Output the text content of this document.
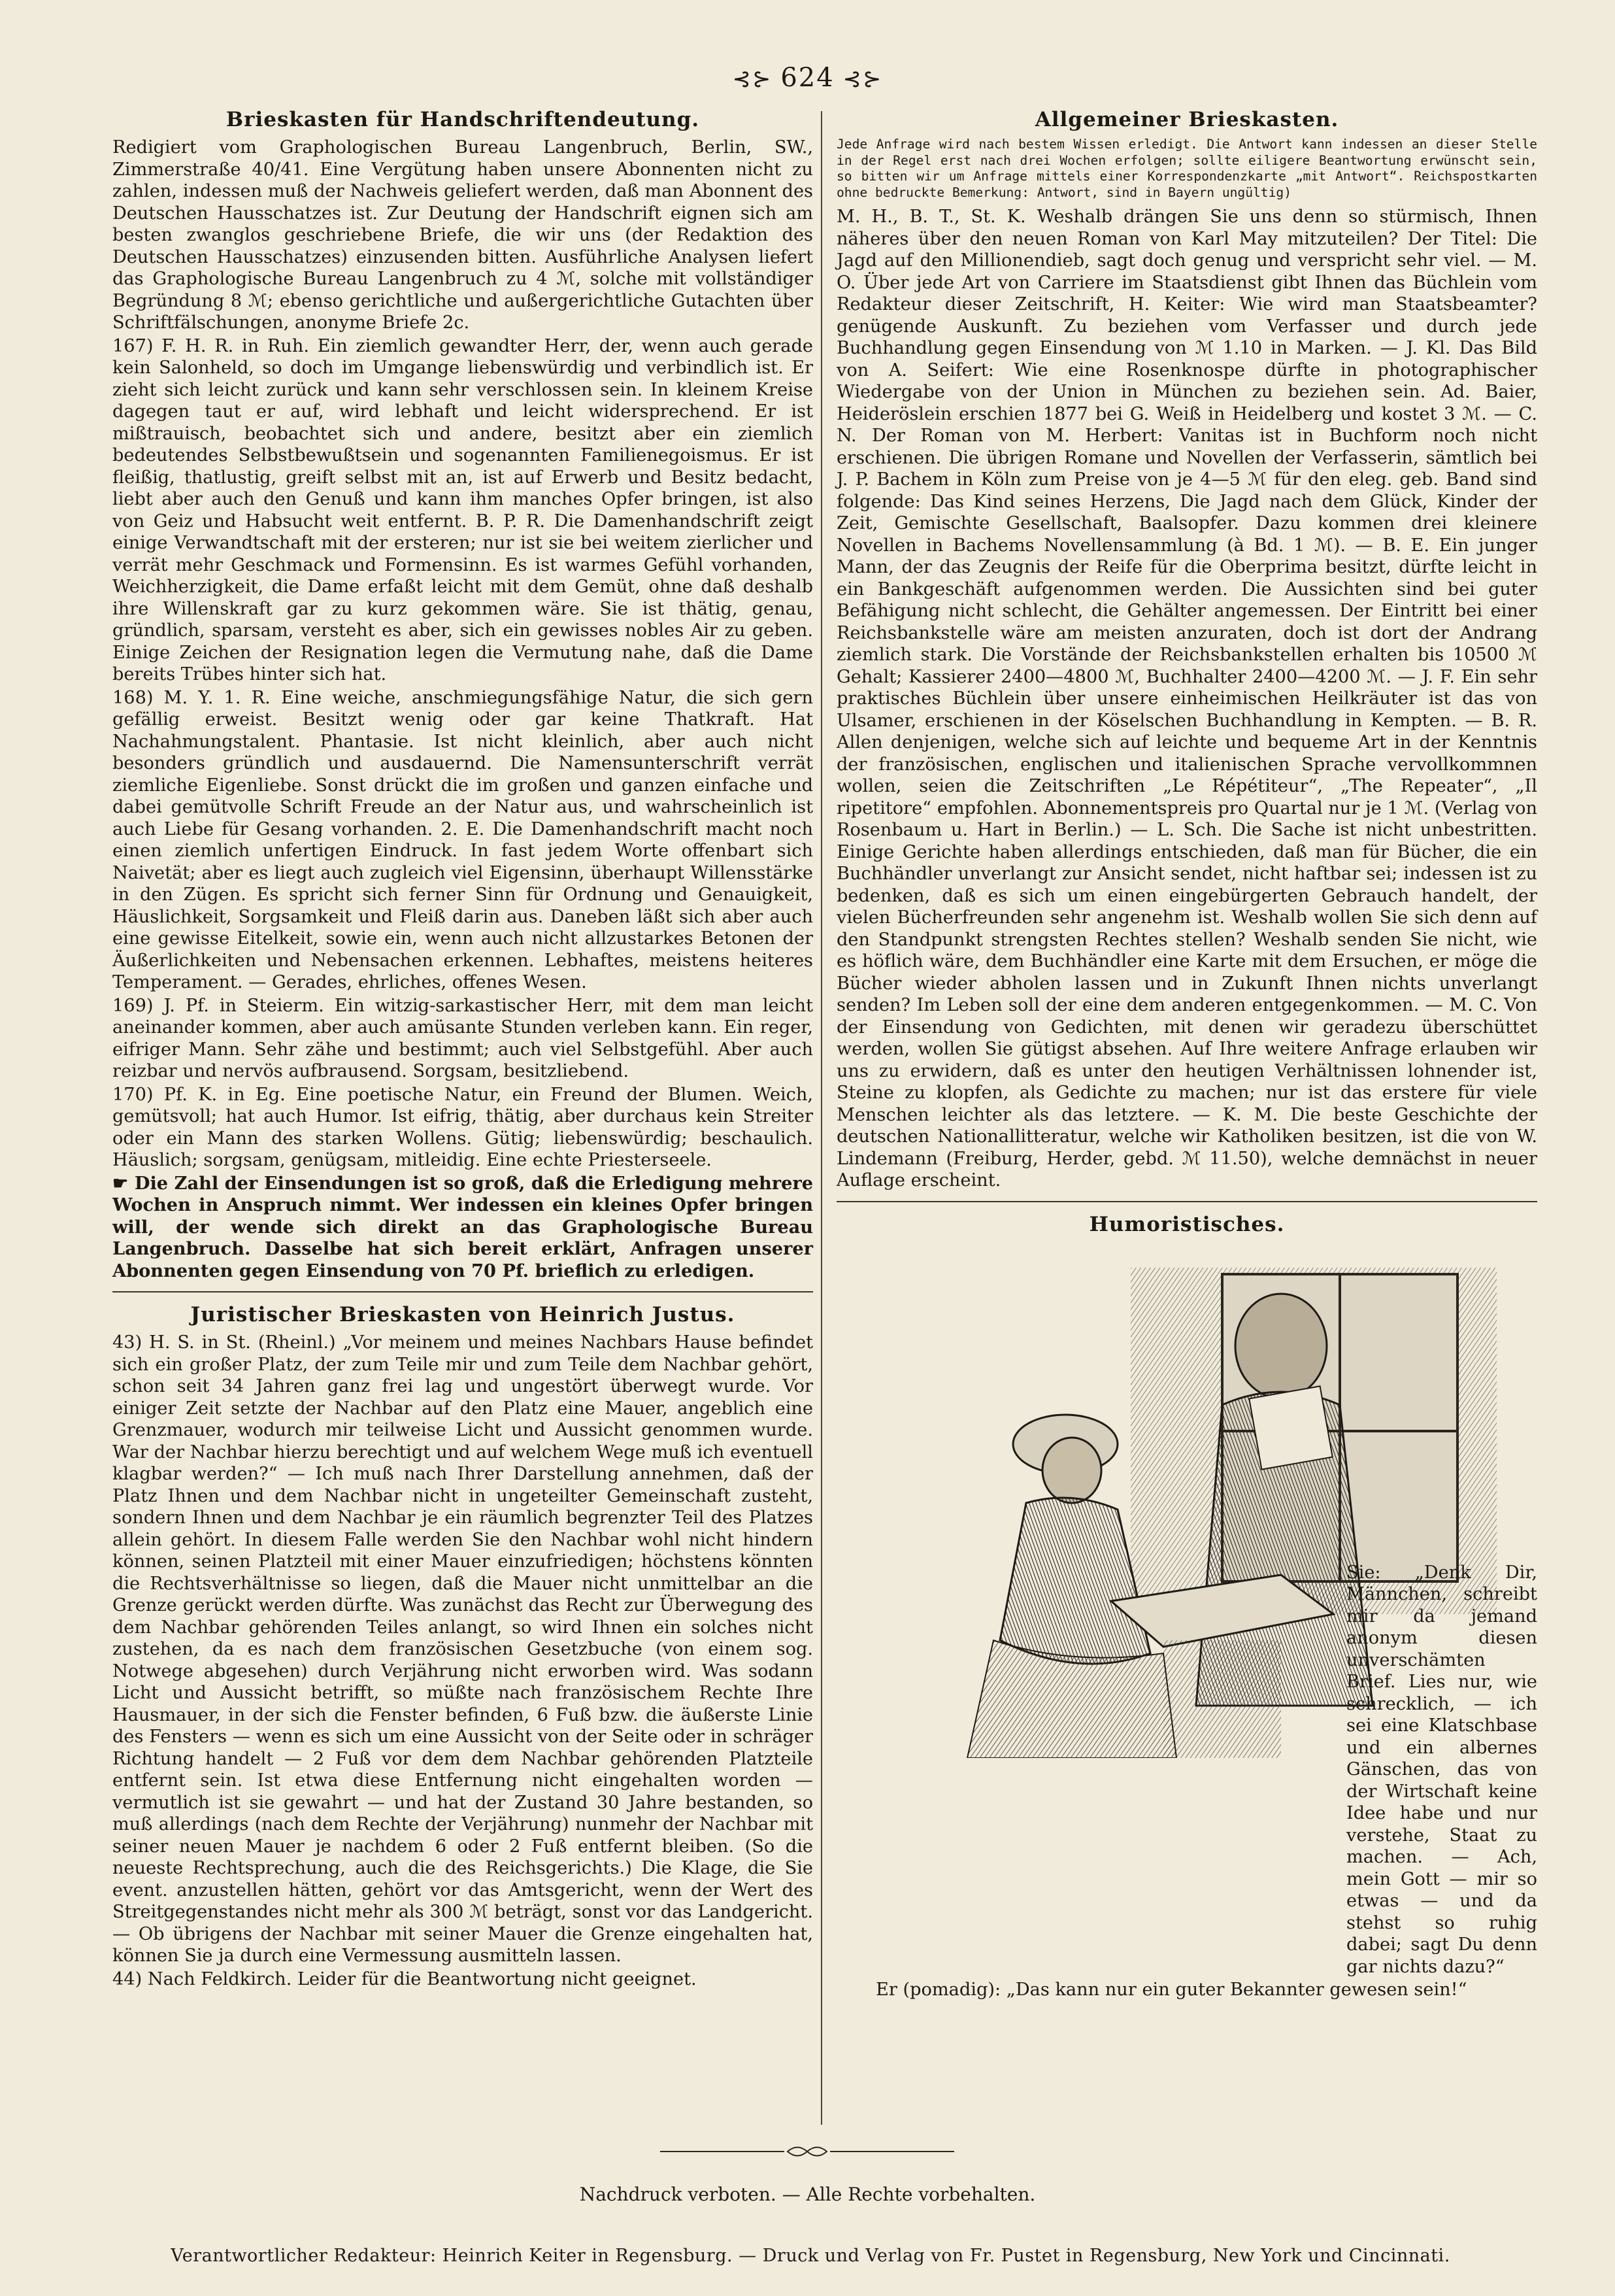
⊰⊱ 624 ⊰⊱
Brieskasten für Handschriftendeutung.

Redigiert vom Graphologischen Bureau Langenbruch, Berlin, SW., Zimmerstraße 40/41. Eine Vergütung haben unsere Abonnenten nicht zu zahlen, indessen muß der Nachweis geliefert werden, daß man Abonnent des Deutschen Hausschatzes ist. Zur Deutung der Handschrift eignen sich am besten zwanglos geschriebene Briefe, die wir uns (der Redaktion des Deutschen Hausschatzes) einzusenden bitten. Ausführliche Analysen liefert das Graphologische Bureau Langenbruch zu 4 ℳ, solche mit vollständiger Begründung 8 ℳ; ebenso gerichtliche und außergerichtliche Gutachten über Schriftfälschungen, anonyme Briefe 2c.

167) F. H. R. in Ruh. Ein ziemlich gewandter Herr, der, wenn auch gerade kein Salonheld, so doch im Umgange liebenswürdig und verbindlich ist. Er zieht sich leicht zurück und kann sehr verschlossen sein. In kleinem Kreise dagegen taut er auf, wird lebhaft und leicht widersprechend. Er ist mißtrauisch, beobachtet sich und andere, besitzt aber ein ziemlich bedeutendes Selbstbewußtsein und sogenannten Familienegoismus. Er ist fleißig, thatlustig, greift selbst mit an, ist auf Erwerb und Besitz bedacht, liebt aber auch den Genuß und kann ihm manches Opfer bringen, ist also von Geiz und Habsucht weit entfernt. B. P. R. Die Damenhandschrift zeigt einige Verwandtschaft mit der ersteren; nur ist sie bei weitem zierlicher und verrät mehr Geschmack und Formensinn. Es ist warmes Gefühl vorhanden, Weichherzigkeit, die Dame erfaßt leicht mit dem Gemüt, ohne daß deshalb ihre Willenskraft gar zu kurz gekommen wäre. Sie ist thätig, genau, gründlich, sparsam, versteht es aber, sich ein gewisses nobles Air zu geben. Einige Zeichen der Resignation legen die Vermutung nahe, daß die Dame bereits Trübes hinter sich hat.

168) M. Y. 1. R. Eine weiche, anschmiegungsfähige Natur, die sich gern gefällig erweist. Besitzt wenig oder gar keine Thatkraft. Hat Nachahmungstalent. Phantasie. Ist nicht kleinlich, aber auch nicht besonders gründlich und ausdauernd. Die Namensunterschrift verrät ziemliche Eigenliebe. Sonst drückt die im großen und ganzen einfache und dabei gemütvolle Schrift Freude an der Natur aus, und wahrscheinlich ist auch Liebe für Gesang vorhanden. 2. E. Die Damenhandschrift macht noch einen ziemlich unfertigen Eindruck. In fast jedem Worte offenbart sich Naivetät; aber es liegt auch zugleich viel Eigensinn, überhaupt Willensstärke in den Zügen. Es spricht sich ferner Sinn für Ordnung und Genauigkeit, Häuslichkeit, Sorgsamkeit und Fleiß darin aus. Daneben läßt sich aber auch eine gewisse Eitelkeit, sowie ein, wenn auch nicht allzustarkes Betonen der Äußerlichkeiten und Nebensachen erkennen. Lebhaftes, meistens heiteres Temperament. — Gerades, ehrliches, offenes Wesen.

169) J. Pf. in Steierm. Ein witzig-sarkastischer Herr, mit dem man leicht aneinander kommen, aber auch amüsante Stunden verleben kann. Ein reger, eifriger Mann. Sehr zähe und bestimmt; auch viel Selbstgefühl. Aber auch reizbar und nervös aufbrausend. Sorgsam, besitzliebend.

170) Pf. K. in Eg. Eine poetische Natur, ein Freund der Blumen. Weich, gemütsvoll; hat auch Humor. Ist eifrig, thätig, aber durchaus kein Streiter oder ein Mann des starken Wollens. Gütig; liebenswürdig; beschaulich. Häuslich; sorgsam, genügsam, mitleidig. Eine echte Priesterseele.

☛ Die Zahl der Einsendungen ist so groß, daß die Erledigung mehrere Wochen in Anspruch nimmt. Wer indessen ein kleines Opfer bringen will, der wende sich direkt an das Graphologische Bureau Langenbruch. Dasselbe hat sich bereit erklärt, Anfragen unserer Abonnenten gegen Einsendung von 70 Pf. brieflich zu erledigen.

Juristischer Brieskasten von Heinrich Justus.

43) H. S. in St. (Rheinl.) „Vor meinem und meines Nachbars Hause befindet sich ein großer Platz, der zum Teile mir und zum Teile dem Nachbar gehört, schon seit 34 Jahren ganz frei lag und ungestört überwegt wurde. Vor einiger Zeit setzte der Nachbar auf den Platz eine Mauer, angeblich eine Grenzmauer, wodurch mir teilweise Licht und Aussicht genommen wurde. War der Nachbar hierzu berechtigt und auf welchem Wege muß ich eventuell klagbar werden?“ — Ich muß nach Ihrer Darstellung annehmen, daß der Platz Ihnen und dem Nachbar nicht in ungeteilter Gemeinschaft zusteht, sondern Ihnen und dem Nachbar je ein räumlich begrenzter Teil des Platzes allein gehört. In diesem Falle werden Sie den Nachbar wohl nicht hindern können, seinen Platzteil mit einer Mauer einzufriedigen; höchstens könnten die Rechtsverhältnisse so liegen, daß die Mauer nicht unmittelbar an die Grenze gerückt werden dürfte. Was zunächst das Recht zur Überwegung des dem Nachbar gehörenden Teiles anlangt, so wird Ihnen ein solches nicht zustehen, da es nach dem französischen Gesetzbuche (von einem sog. Notwege abgesehen) durch Verjährung nicht erworben wird. Was sodann Licht und Aussicht betrifft, so müßte nach französischem Rechte Ihre Hausmauer, in der sich die Fenster befinden, 6 Fuß bzw. die äußerste Linie des Fensters — wenn es sich um eine Aussicht von der Seite oder in schräger Richtung handelt — 2 Fuß vor dem dem Nachbar gehörenden Platzteile entfernt sein. Ist etwa diese Entfernung nicht eingehalten worden — vermutlich ist sie gewahrt — und hat der Zustand 30 Jahre bestanden, so muß allerdings (nach dem Rechte der Verjährung) nunmehr der Nachbar mit seiner neuen Mauer je nachdem 6 oder 2 Fuß entfernt bleiben. (So die neueste Rechtsprechung, auch die des Reichsgerichts.) Die Klage, die Sie event. anzustellen hätten, gehört vor das Amtsgericht, wenn der Wert des Streitgegenstandes nicht mehr als 300 ℳ beträgt, sonst vor das Landgericht. — Ob übrigens der Nachbar mit seiner Mauer die Grenze eingehalten hat, können Sie ja durch eine Vermessung ausmitteln lassen.

44) Nach Feldkirch. Leider für die Beantwortung nicht geeignet.

Allgemeiner Brieskasten.

Jede Anfrage wird nach bestem Wissen erledigt. Die Antwort kann indessen an dieser Stelle in der Regel erst nach drei Wochen erfolgen; sollte eiligere Beantwortung erwünscht sein, so bitten wir um Anfrage mittels einer Korrespondenzkarte „mit Antwort“. Reichspostkarten ohne bedruckte Bemerkung: Antwort, sind in Bayern ungültig)

M. H., B. T., St. K. Weshalb drängen Sie uns denn so stürmisch, Ihnen näheres über den neuen Roman von Karl May mitzuteilen? Der Titel: Die Jagd auf den Millionendieb, sagt doch genug und verspricht sehr viel. — M. O. Über jede Art von Carriere im Staatsdienst gibt Ihnen das Büchlein vom Redakteur dieser Zeitschrift, H. Keiter: Wie wird man Staatsbeamter? genügende Auskunft. Zu beziehen vom Verfasser und durch jede Buchhandlung gegen Einsendung von ℳ 1.10 in Marken. — J. Kl. Das Bild von A. Seifert: Wie eine Rosenknospe dürfte in photographischer Wiedergabe von der Union in München zu beziehen sein. Ad. Baier, Heideröslein erschien 1877 bei G. Weiß in Heidelberg und kostet 3 ℳ. — C. N. Der Roman von M. Herbert: Vanitas ist in Buchform noch nicht erschienen. Die übrigen Romane und Novellen der Verfasserin, sämtlich bei J. P. Bachem in Köln zum Preise von je 4—5 ℳ für den eleg. geb. Band sind folgende: Das Kind seines Herzens, Die Jagd nach dem Glück, Kinder der Zeit, Gemischte Gesellschaft, Baalsopfer. Dazu kommen drei kleinere Novellen in Bachems Novellensammlung (à Bd. 1 ℳ). — B. E. Ein junger Mann, der das Zeugnis der Reife für die Oberprima besitzt, dürfte leicht in ein Bankgeschäft aufgenommen werden. Die Aussichten sind bei guter Befähigung nicht schlecht, die Gehälter angemessen. Der Eintritt bei einer Reichsbankstelle wäre am meisten anzuraten, doch ist dort der Andrang ziemlich stark. Die Vorstände der Reichsbankstellen erhalten bis 10500 ℳ Gehalt; Kassierer 2400—4800 ℳ, Buchhalter 2400—4200 ℳ. — J. F. Ein sehr praktisches Büchlein über unsere einheimischen Heilkräuter ist das von Ulsamer, erschienen in der Köselschen Buchhandlung in Kempten. — B. R. Allen denjenigen, welche sich auf leichte und bequeme Art in der Kenntnis der französischen, englischen und italienischen Sprache vervollkommnen wollen, seien die Zeitschriften „Le Répétiteur“, „The Repeater“, „Il ripetitore“ empfohlen. Abonnementspreis pro Quartal nur je 1 ℳ. (Verlag von Rosenbaum u. Hart in Berlin.) — L. Sch. Die Sache ist nicht unbestritten. Einige Gerichte haben allerdings entschieden, daß man für Bücher, die ein Buchhändler unverlangt zur Ansicht sendet, nicht haftbar sei; indessen ist zu bedenken, daß es sich um einen eingebürgerten Gebrauch handelt, der vielen Bücherfreunden sehr angenehm ist. Weshalb wollen Sie sich denn auf den Standpunkt strengsten Rechtes stellen? Weshalb senden Sie nicht, wie es höflich wäre, dem Buchhändler eine Karte mit dem Ersuchen, er möge die Bücher wieder abholen lassen und in Zukunft Ihnen nichts unverlangt senden? Im Leben soll der eine dem anderen entgegenkommen. — M. C. Von der Einsendung von Gedichten, mit denen wir geradezu überschüttet werden, wollen Sie gütigst absehen. Auf Ihre weitere Anfrage erlauben wir uns zu erwidern, daß es unter den heutigen Verhältnissen lohnender ist, Steine zu klopfen, als Gedichte zu machen; nur ist das erstere für viele Menschen leichter als das letztere. — K. M. Die beste Geschichte der deutschen Nationallitteratur, welche wir Katholiken besitzen, ist die von W. Lindemann (Freiburg, Herder, gebd. ℳ 11.50), welche demnächst in neuer Auflage erscheint.

Humoristisches.

Sie: „Denk Dir, Männchen, schreibt mir da jemand anonym diesen unverschämten Brief. Lies nur, wie schrecklich, — ich sei eine Klatschbase und ein albernes Gänschen, das von der Wirtschaft keine Idee habe und nur verstehe, Staat zu machen. — Ach, mein Gott — mir so etwas — und da stehst so ruhig dabei; sagt Du denn gar nichts dazu?“

Er (pomadig): „Das kann nur ein guter Bekannter gewesen sein!“

Nachdruck verboten. — Alle Rechte vorbehalten.
Verantwortlicher Redakteur: Heinrich Keiter in Regensburg. — Druck und Verlag von Fr. Pustet in Regensburg, New York und Cincinnati.
